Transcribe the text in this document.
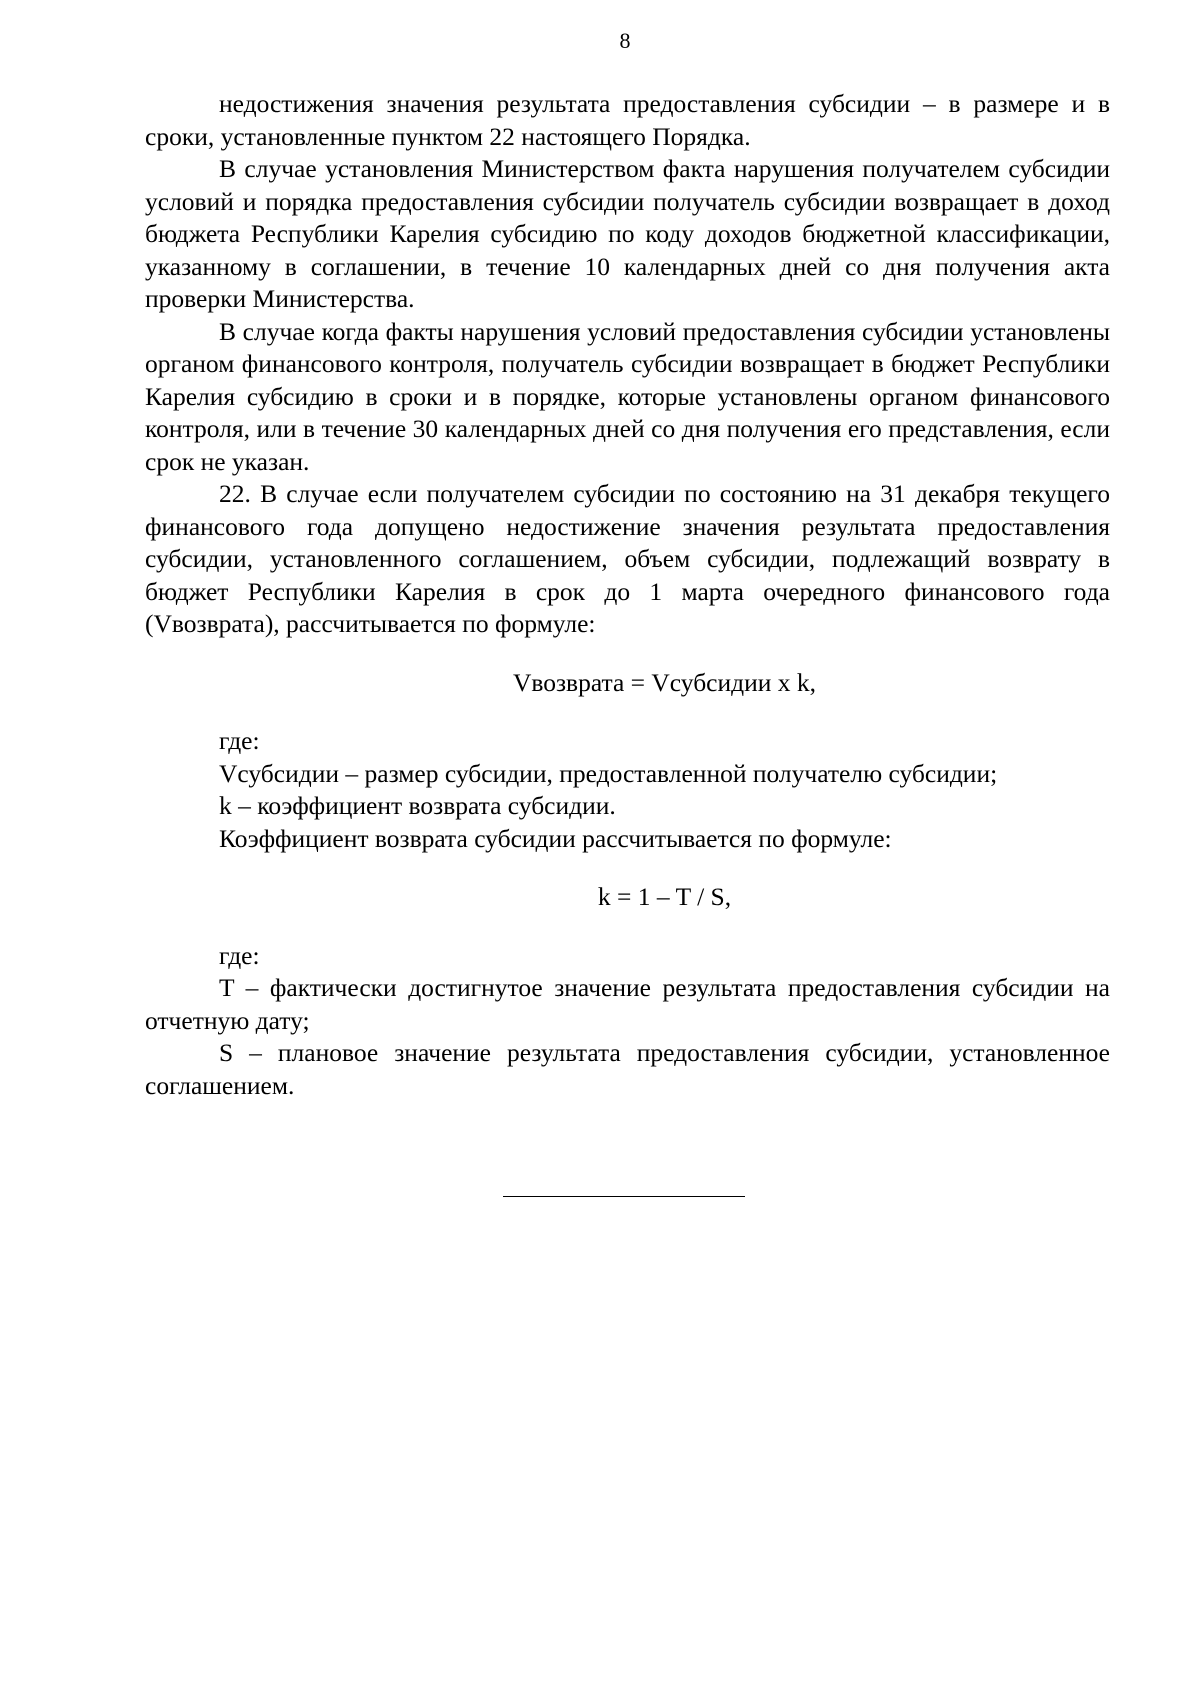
8

недостижения значения результата предоставления субсидии – в размере и в сроки, установленные пунктом 22 настоящего Порядка.

В случае установления Министерством факта нарушения получателем субсидии условий и порядка предоставления субсидии получатель субсидии возвращает в доход бюджета Республики Карелия субсидию по коду доходов бюджетной классификации, указанному в соглашении, в течение 10 календарных дней со дня получения акта проверки Министерства.

В случае когда факты нарушения условий предоставления субсидии установлены органом финансового контроля, получатель субсидии возвращает в бюджет Республики Карелия субсидию в сроки и в порядке, которые установлены органом финансового контроля, или в течение 30 календарных дней со дня получения его представления, если срок не указан.

22. В случае если получателем субсидии по состоянию на 31 декабря текущего финансового года допущено недостижение значения результата предоставления субсидии, установленного соглашением, объем субсидии, подлежащий возврату в бюджет Республики Карелия в срок до 1 марта очередного финансового года (Vвозврата), рассчитывается по формуле:

Vвозврата = Vсубсидии x k,

где:

Vсубсидии – размер субсидии, предоставленной получателю субсидии;

k – коэффициент возврата субсидии.

Коэффициент возврата субсидии рассчитывается по формуле:

k = 1 – T / S,

где:

T – фактически достигнутое значение результата предоставления субсидии на отчетную дату;

S – плановое значение результата предоставления субсидии, установленное соглашением.
